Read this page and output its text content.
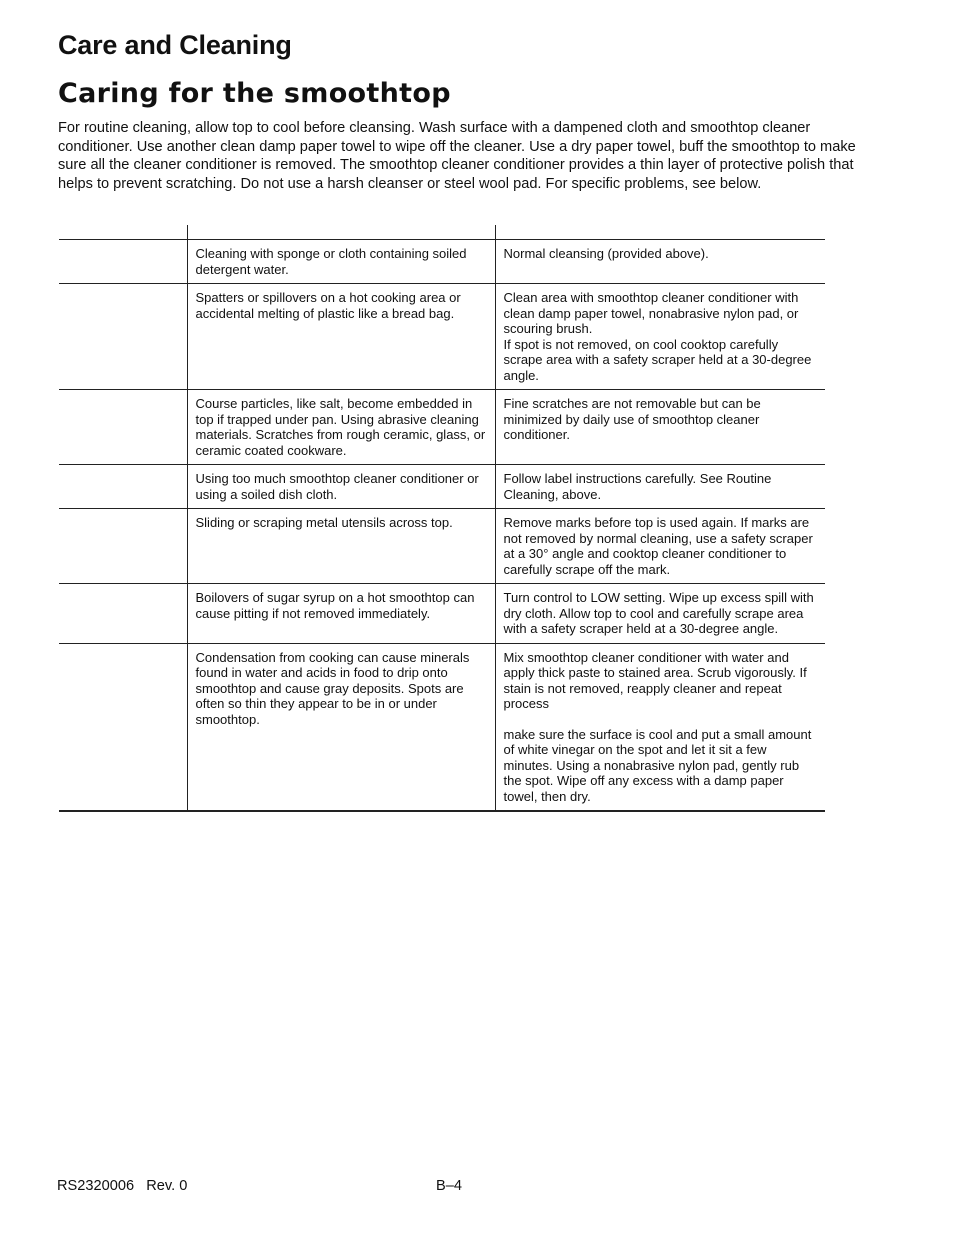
Care and Cleaning
Caring for the smoothtop

For routine cleaning, allow top to cool before cleansing. Wash surface with a dampened cloth and smoothtop cleaner conditioner. Use another clean damp paper towel to wipe off the cleaner. Use a dry paper towel, buff the smoothtop to make sure all the cleaner conditioner is removed. The smoothtop cleaner conditioner provides a thin layer of protective polish that helps to prevent scratching. Do not use a harsh cleanser or steel wool pad. For specific problems, see below.

	Cleaning with sponge or cloth containing soiled detergent water.	Normal cleansing (provided above).

	Spatters or spillovers on a hot cooking area or accidental melting of plastic like a bread bag.	Clean area with smoothtop cleaner conditioner with clean damp paper towel, nonabrasive nylon pad, or scouring brush.
If spot is not removed, on cool cooktop carefully scrape area with a safety scraper held at a 30-degree angle.

	Course particles, like salt, become embedded in top if trapped under pan. Using abrasive cleaning materials. Scratches from rough ceramic, glass, or ceramic coated cookware.	Fine scratches are not removable but can be minimized by daily use of smoothtop cleaner conditioner.

	Using too much smoothtop cleaner conditioner or using a soiled dish cloth.	Follow label instructions carefully. See Routine Cleaning, above.

	Sliding or scraping metal utensils across top.	Remove marks before top is used again. If marks are not removed by normal cleaning, use a safety scraper at a 30° angle and cooktop cleaner conditioner to carefully scrape off the mark.

	Boilovers of sugar syrup on a hot smoothtop can cause pitting if not removed immediately.	Turn control to LOW setting. Wipe up excess spill with dry cloth. Allow top to cool and carefully scrape area with a safety scraper held at a 30-degree angle.

	Condensation from cooking can cause minerals found in water and acids in food to drip onto smoothtop and cause gray deposits. Spots are often so thin they appear to be in or under smoothtop.	Mix smoothtop cleaner conditioner with water and apply thick paste to stained area. Scrub vigorously. If stain is not removed, reapply cleaner and repeat process
make sure the surface is cool and put a small amount of white vinegar on the spot and let it sit a few minutes. Using a nonabrasive nylon pad, gently rub the spot. Wipe off any excess with a damp paper towel, then dry.
RS2320006   Rev. 0	B–4
